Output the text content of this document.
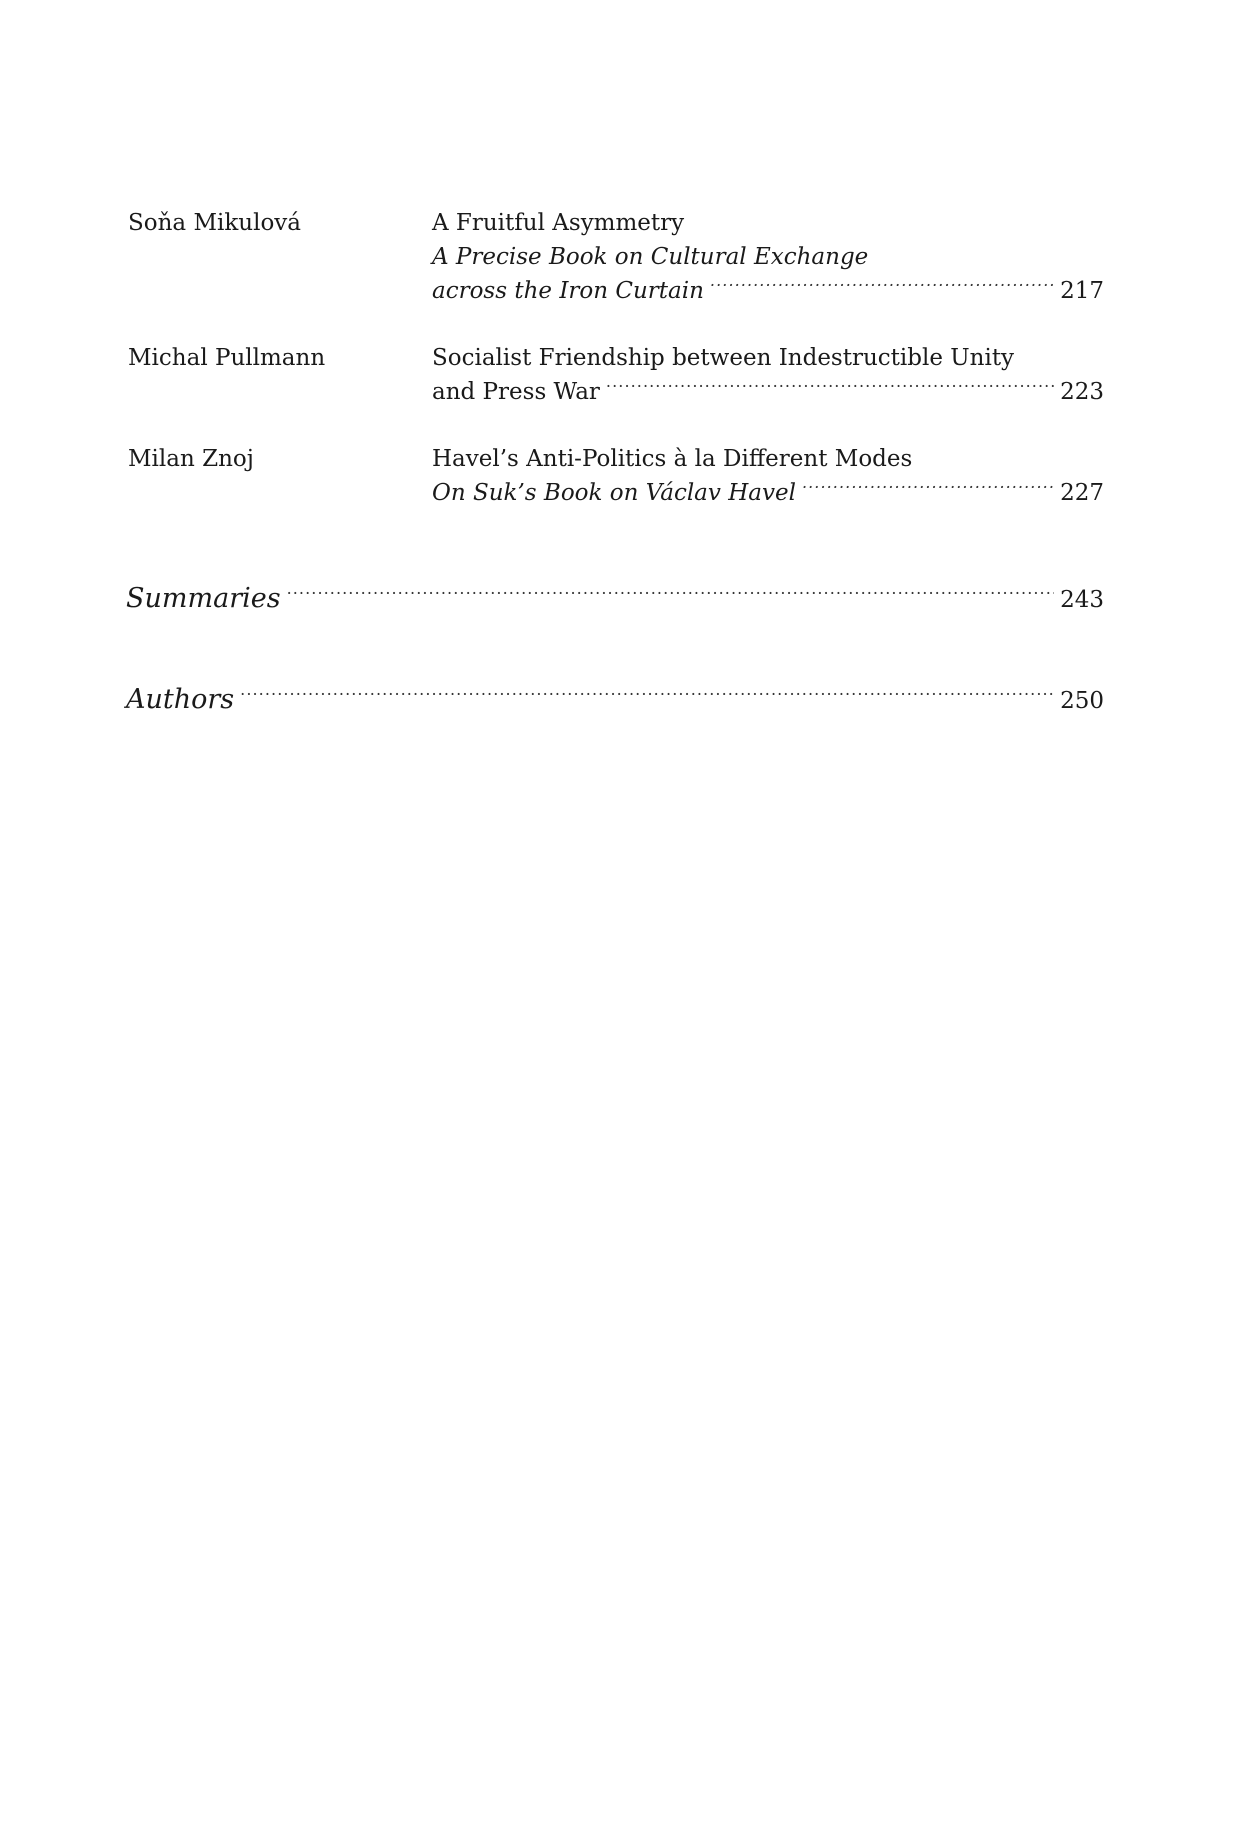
Soňa Mikulová	A Fruitful Asymmetry
A Precise Book on Cultural Exchange
across the Iron Curtain . . .	217
Michal Pullmann	Socialist Friendship between Indestructible Unity
and Press War . . .	223
Milan Znoj	Havel’s Anti-Politics à la Different Modes
On Suk’s Book on Václav Havel . . .	227
Summaries . . .	243
Authors . . .	250
